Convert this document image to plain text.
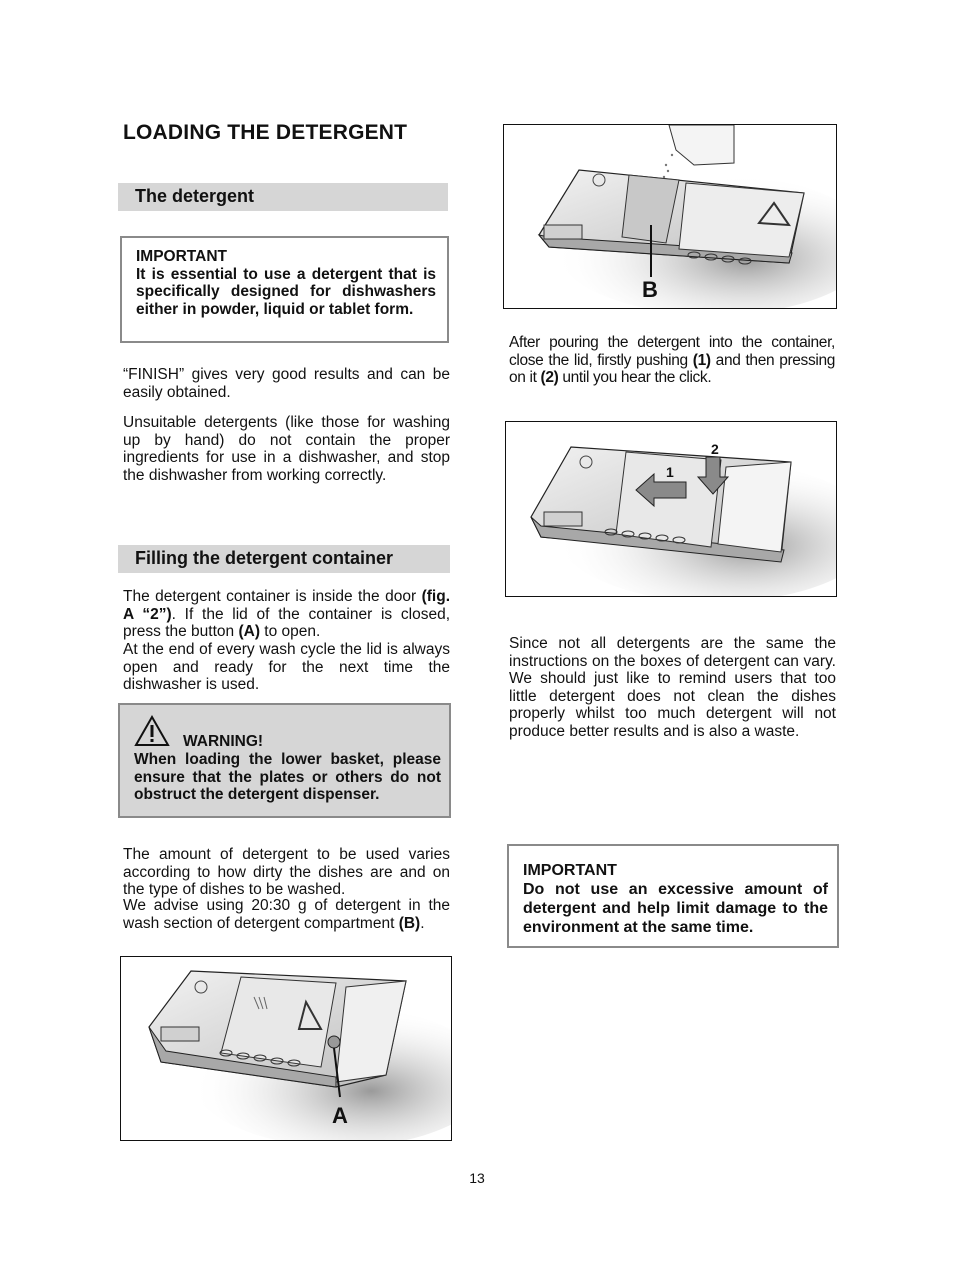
LOADING THE DETERGENT
The detergent
IMPORTANT
It is essential to use a detergent that is specifically designed for dishwashers either in powder, liquid or tablet form.

“FINISH” gives very good results and can be easily obtained.

Unsuitable detergents (like those for washing up by hand) do not contain the proper ingredients for use in a dishwasher, and stop the dishwasher from working correctly.

Filling the detergent container

The detergent container is inside the door (fig. A “2”). If the lid of the container is closed, press the button (A) to open.

At the end of every wash cycle the lid is always open and ready for the next time the dishwasher is used.

WARNING!
When loading the lower basket, please ensure that the plates or others do not obstruct the detergent dispenser.

The amount of detergent to be used varies according to how dirty the dishes are and on the type of dishes to be washed.

We advise using 20:30 g of detergent in the wash section of detergent compartment (B).

A
B

After pouring the detergent into the container, close the lid, firstly pushing (1) and then pressing on it (2) until you hear the click.

1
2

Since not all detergents are the same the instructions on the boxes of detergent can vary. We should just like to remind users that too little detergent does not clean the dishes properly whilst too much detergent will not produce better results and is also a waste.

IMPORTANT
Do not use an excessive amount of detergent and help limit damage to the environment at the same time.
13
